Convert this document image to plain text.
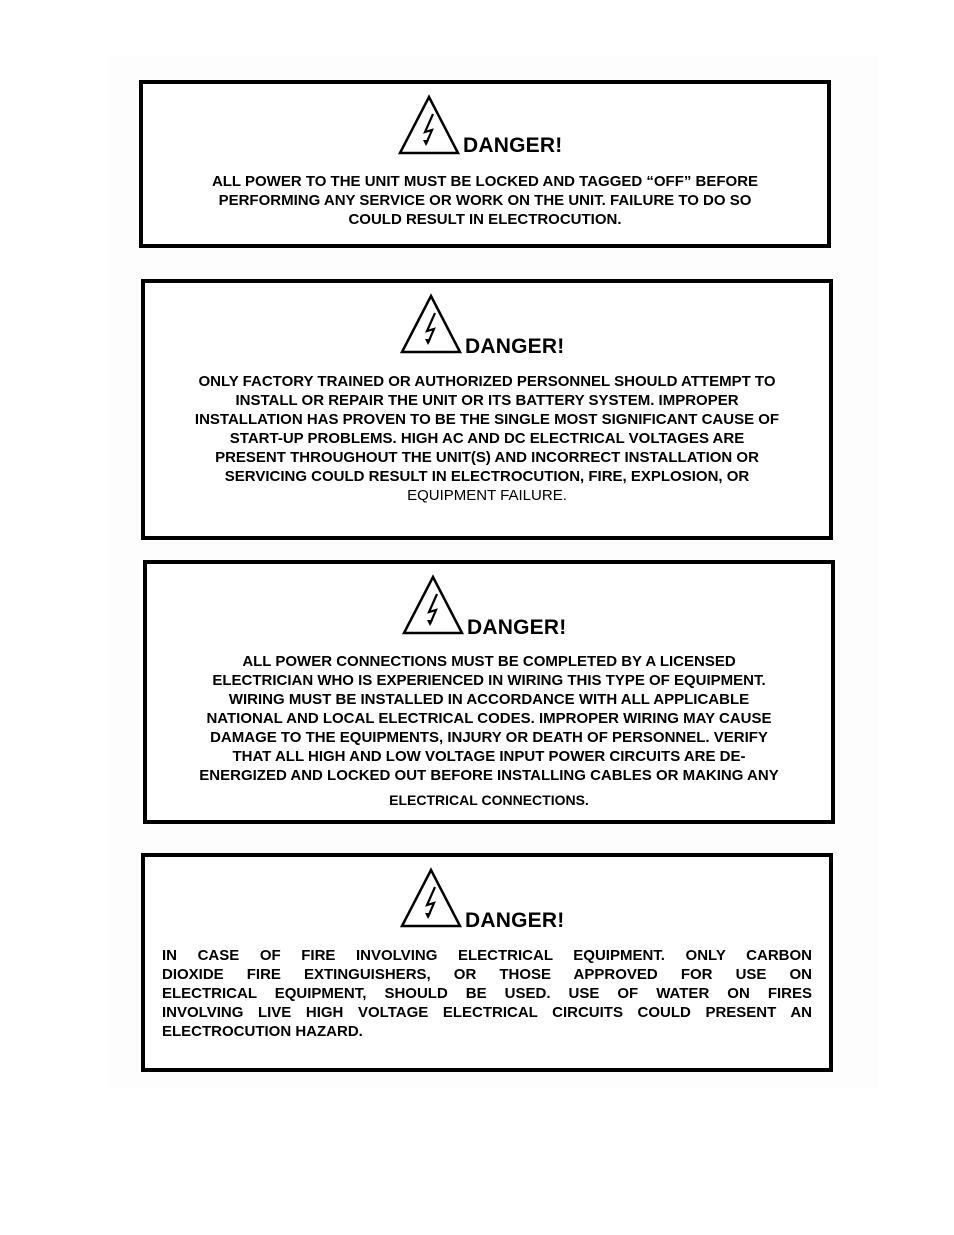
DANGER!

ALL POWER TO THE UNIT MUST BE LOCKED AND TAGGED “OFF” BEFORE
PERFORMING ANY SERVICE OR WORK ON THE UNIT. FAILURE TO DO SO
COULD RESULT IN ELECTROCUTION.

DANGER!

ONLY FACTORY TRAINED OR AUTHORIZED PERSONNEL SHOULD ATTEMPT TO
INSTALL OR REPAIR THE UNIT OR ITS BATTERY SYSTEM. IMPROPER
INSTALLATION HAS PROVEN TO BE THE SINGLE MOST SIGNIFICANT CAUSE OF
START-UP PROBLEMS. HIGH AC AND DC ELECTRICAL VOLTAGES ARE
PRESENT THROUGHOUT THE UNIT(S) AND INCORRECT INSTALLATION OR
SERVICING COULD RESULT IN ELECTROCUTION, FIRE, EXPLOSION, OR
EQUIPMENT FAILURE.

DANGER!

ALL POWER CONNECTIONS MUST BE COMPLETED BY A LICENSED
ELECTRICIAN WHO IS EXPERIENCED IN WIRING THIS TYPE OF EQUIPMENT.
WIRING MUST BE INSTALLED IN ACCORDANCE WITH ALL APPLICABLE
NATIONAL AND LOCAL ELECTRICAL CODES. IMPROPER WIRING MAY CAUSE
DAMAGE TO THE EQUIPMENTS, INJURY OR DEATH OF PERSONNEL. VERIFY
THAT ALL HIGH AND LOW VOLTAGE INPUT POWER CIRCUITS ARE DE-
ENERGIZED AND LOCKED OUT BEFORE INSTALLING CABLES OR MAKING ANY
ELECTRICAL CONNECTIONS.

DANGER!

IN CASE OF FIRE INVOLVING ELECTRICAL EQUIPMENT. ONLY CARBON
DIOXIDE FIRE EXTINGUISHERS, OR THOSE APPROVED FOR USE ON
ELECTRICAL EQUIPMENT, SHOULD BE USED. USE OF WATER ON FIRES
INVOLVING LIVE HIGH VOLTAGE ELECTRICAL CIRCUITS COULD PRESENT AN
ELECTROCUTION HAZARD.
